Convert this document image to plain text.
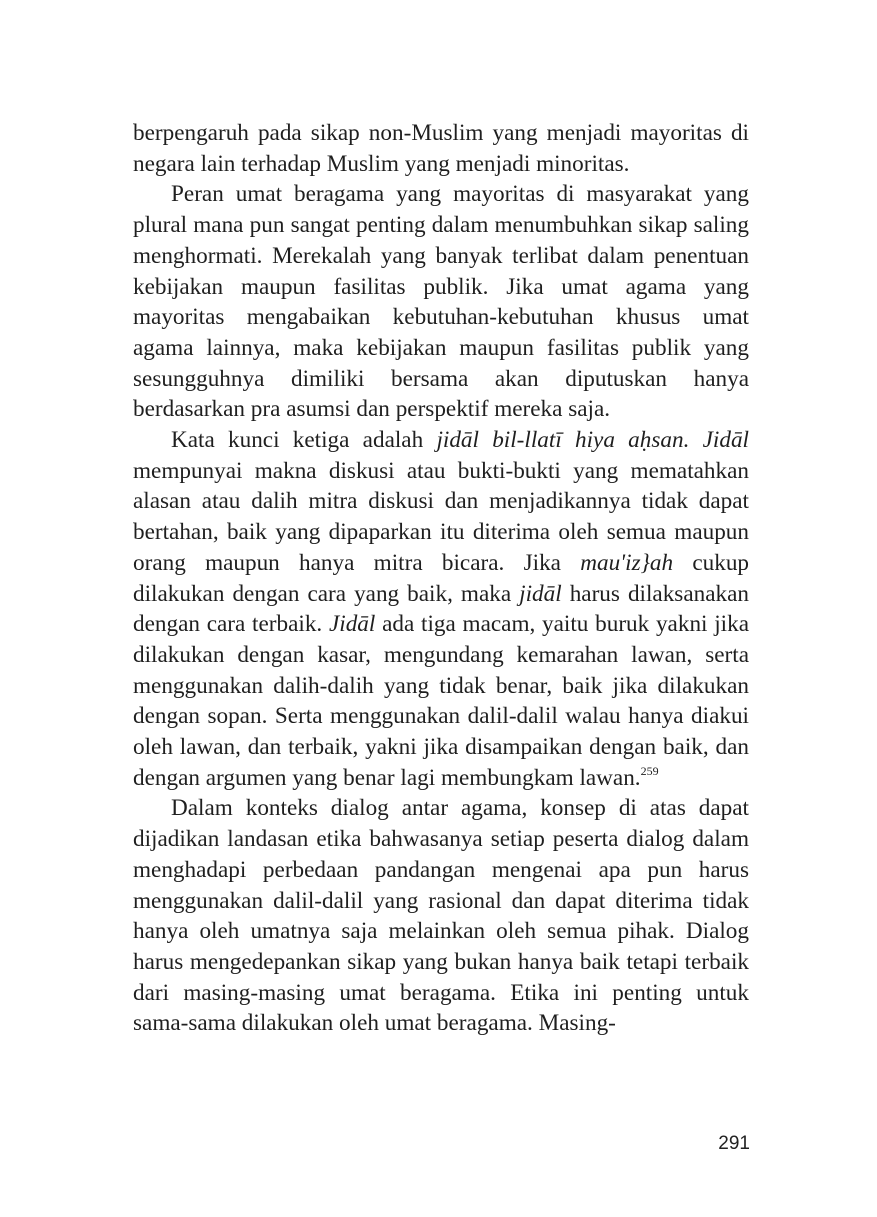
berpengaruh pada sikap non-Muslim yang menjadi mayoritas di negara lain terhadap Muslim yang menjadi minoritas.

Peran umat beragama yang mayoritas di masyarakat yang plural mana pun sangat penting dalam menumbuhkan sikap saling menghormati. Merekalah yang banyak terlibat dalam penentuan kebijakan maupun fasilitas publik. Jika umat agama yang mayoritas mengabaikan kebutuhan-kebutuhan khusus umat agama lainnya, maka kebijakan maupun fasilitas publik yang sesungguhnya dimiliki bersama akan diputuskan hanya berdasarkan pra asumsi dan perspektif mereka saja.

Kata kunci ketiga adalah jidāl bil-llatī hiya aḥsan. Jidāl mempunyai makna diskusi atau bukti-bukti yang mematahkan alasan atau dalih mitra diskusi dan menjadikannya tidak dapat bertahan, baik yang dipaparkan itu diterima oleh semua maupun orang maupun hanya mitra bicara. Jika mau'iz}ah cukup dilakukan dengan cara yang baik, maka jidāl harus dilaksanakan dengan cara terbaik. Jidāl ada tiga macam, yaitu buruk yakni jika dilakukan dengan kasar, mengundang kemarahan lawan, serta menggunakan dalih-dalih yang tidak benar, baik jika dilakukan dengan sopan. Serta menggunakan dalil-dalil walau hanya diakui oleh lawan, dan terbaik, yakni jika disampaikan dengan baik, dan dengan argumen yang benar lagi membungkam lawan.$^{259}$

Dalam konteks dialog antar agama, konsep di atas dapat dijadikan landasan etika bahwasanya setiap peserta dialog dalam menghadapi perbedaan pandangan mengenai apa pun harus menggunakan dalil-dalil yang rasional dan dapat diterima tidak hanya oleh umatnya saja melainkan oleh semua pihak. Dialog harus mengedepankan sikap yang bukan hanya baik tetapi terbaik dari masing-masing umat beragama. Etika ini penting untuk sama-sama dilakukan oleh umat beragama. Masing-

291
